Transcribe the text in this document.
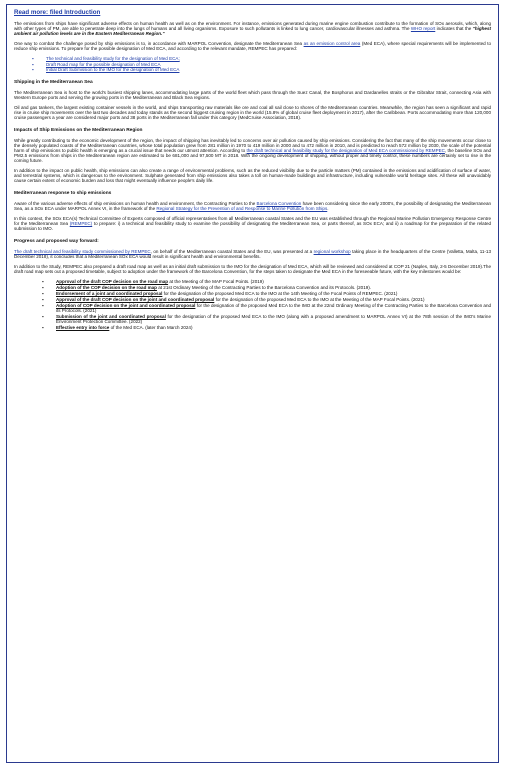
Read more: filed Introduction

The emissions from ships have significant adverse effects on human health as well as on the environment. For instance, emissions generated during marine engine combustion contribute to the formation of SOx aerosols, which, along with other types of PM, are able to penetrate deep into the lungs of humans and all living organisms. Exposure to such pollutants is linked to lung cancer, cardiovascular illnesses and asthma. The WHO report indicates that the "highest ambient air pollution levels are in the Eastern Mediterranean Region."

One way to combat the challenge posed by ship emissions is to, in accordance with MARPOL Convention, designate the Mediterranean Sea as an emission control area (Med ECA), where special requirements will be implemented to reduce ship emissions. To prepare for the possible designation of Med ECA, and according to the relevant mandate, REMPEC has prepared:

▪ The technical and feasibility study for the designation of Med ECA;
▪ Draft Road map for the possible designation of Med ECA
▪ Initial Draft Submission to the IMO for the designation of Med ECA
Shipping in the Mediterranean Sea

The Mediterranean Sea is host to the world's busiest shipping lanes, accommodating large parts of the world fleet which pass through the Suez Canal, the Bosphorus and Dardanelles straits or the Gibraltar Strait, connecting Asia with Western Europe ports and serving the growing ports in the Mediterranean and Black Sea regions.

Oil and gas tankers, the largest existing container vessels in the world, and ships transporting raw materials like ore and coal all sail close to shores of the Mediterranean countries. Meanwhile, the region has seen a significant and rapid rise in cruise ship movements over the last two decades and today stands as the second biggest cruising region in the world (15.8% of global cruise fleet deployment in 2017), after the Caribbean. Ports accommodating more than 120,000 cruise passengers a year are considered major ports and 38 ports in the Mediterranean fall under this category (MedCruise Association, 2018).

Impacts of Ship Emissions on the Mediterranean Region

While greatly contributing to the economic development of the region, the impact of shipping has inevitably led to concerns over air pollution caused by ship emissions. Considering the fact that many of the ship movements occur close to the densely populated coasts of the Mediterranean countries, whose total population grew from 281 million in 1970 to 419 million in 2000 and to 472 million in 2010, and is predicted to reach 572 million by 2030, the scale of the potential harm of ship emissions to public health is emerging as a crucial issue that needs our utmost attention. According to the draft technical and feasibility study for the designation of Med ECA commissioned by REMPEC, the baseline SOx and PM2.5 emissions from ships in the Mediterranean region are estimated to be 681,000 and 97,500 MT in 2018. With the ongoing development of shipping, without proper and timely control, these numbers are certainly set to rise in the coming future.

In addition to the impact on public health, ship emissions can also create a range of environmental problems, such as the reduced visibility due to the particle matters (PM) contained in the emissions and acidification of surface of water, and terrestrial systems, which is dangerous to the environment. Sulphate generated from ship emissions also takes a toll on human-made buildings and infrastructure, including vulnerable world heritage sites. All these will unavoidably cause certain extent of economic burden and loss that might eventually influence people's daily life.

Mediterranean response to ship emissions

Aware of the various adverse effects of ship emissions on human health and environment, the Contracting Parties to the Barcelona Convention have been considering since the early 2000's, the possibility of designating the Mediterranean Sea, as a SOx ECA under MARPOL Annex VI, in the framework of the Regional Strategy for the Prevention of and Response to Marine Pollution from Ships.

In this context, the SOx ECA(s) Technical Committee of Experts composed of official representatives from all Mediterranean coastal States and the EU was established through the Regional Marine Pollution Emergency Response Centre for the Mediterranean Sea (REMPEC) to prepare: i) a technical and feasibility study to examine the possibility of designating the Mediterranean Sea, or parts thereof, as SOx ECA; and ii) a roadmap for the preparation of the related submission to IMO.

Progress and proposed way forward:

The draft technical and feasibility study commissioned by REMPEC, on behalf of the Mediterranean coastal States and the EU, was presented at a regional workshop taking place in the headquarters of the Centre (Valletta, Malta, 11-13 December 2018), it concludes that a Mediterranean SOx ECA would result in significant health and environmental benefits.

In addition to the Study, REMPEC also prepared a draft road map as well as an initial draft submission to the IMO for the designation of Med ECA, which will be reviewed and considered at COP 21 (Naples, Italy, 2-5 December 2019).The draft road map sets out a proposed timetable, subject to adoption under the framework of the Barcelona Convention, for the steps taken to designate the Med ECA in the foreseeable future, with the key milestones would be:

▪ Approval of the draft COP decision on the road map at the Meeting of the MAP Focal Points. (2019)
▪ Adoption of the COP decision on the road map at 21st Ordinary Meeting of the Contracting Parties to the Barcelona Convention and its Protocols. (2019).
▪ Endorsement of a joint and coordinated proposal for the designation of the proposed Med ECA to the IMO at the 14th Meeting of the Focal Points of REMPEC. (2021)
▪ Approval of the draft COP decision on the joint and coordinated proposal for the designation of the proposed Med ECA to the IMO at the Meeting of the MAP Focal Points. (2021)
▪ Adoption of COP decision on the joint and coordinated proposal for the designation of the proposed Med ECA to the IMO at the 22nd Ordinary Meeting of the Contracting Parties to the Barcelona Convention and its Protocols. (2021)
▪ Submission of the joint and coordinated proposal for the designation of the proposed Med ECA to the IMO (along with a proposed amendment to MARPOL Annex VI) at the 78th session of the IMO's Marine Environment Protection Committee. (2022)
▪ Effective entry into force of the Med ECA. (later than March 2024)
